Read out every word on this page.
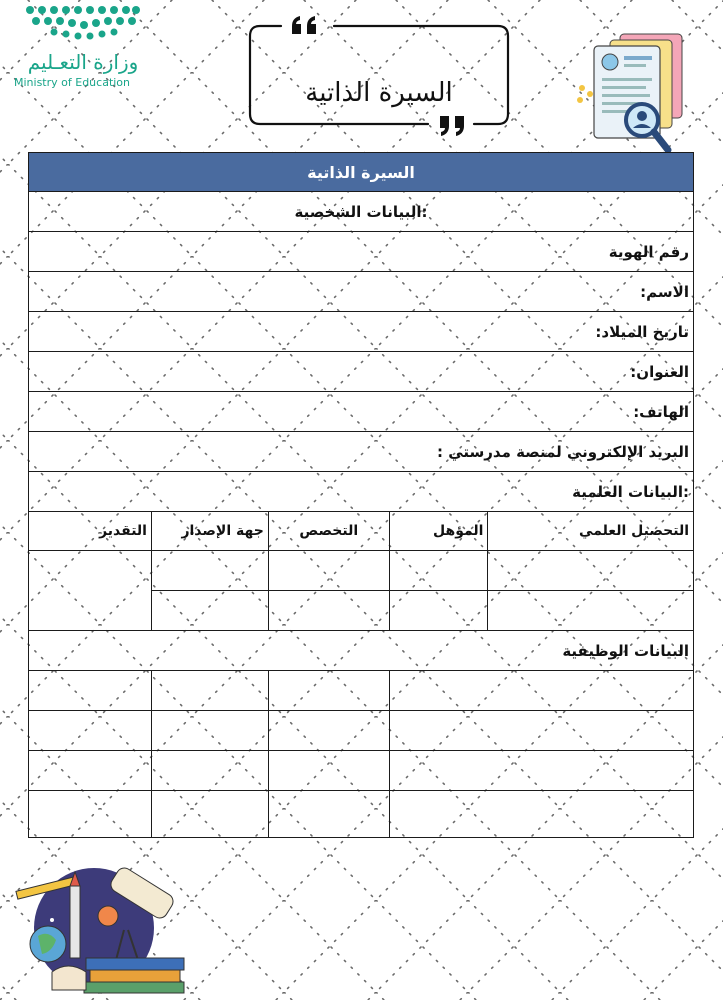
وزارة التعـليم
Ministry of Education	السيرة الذاتية
السيرة الذاتية				
:البيانات الشخصية				
رقم الهوية				
الاسم:				
تاريخ الميلاد:				
العنوان:				
الهاتف:				
البريد الإلكتروني لمنصة مدرستي :				
:البيانات العلمية				
التحصيل العلمي	المؤهل	التخصص	جهة الإصدار	التقدير

البيانات الوظيفية				
